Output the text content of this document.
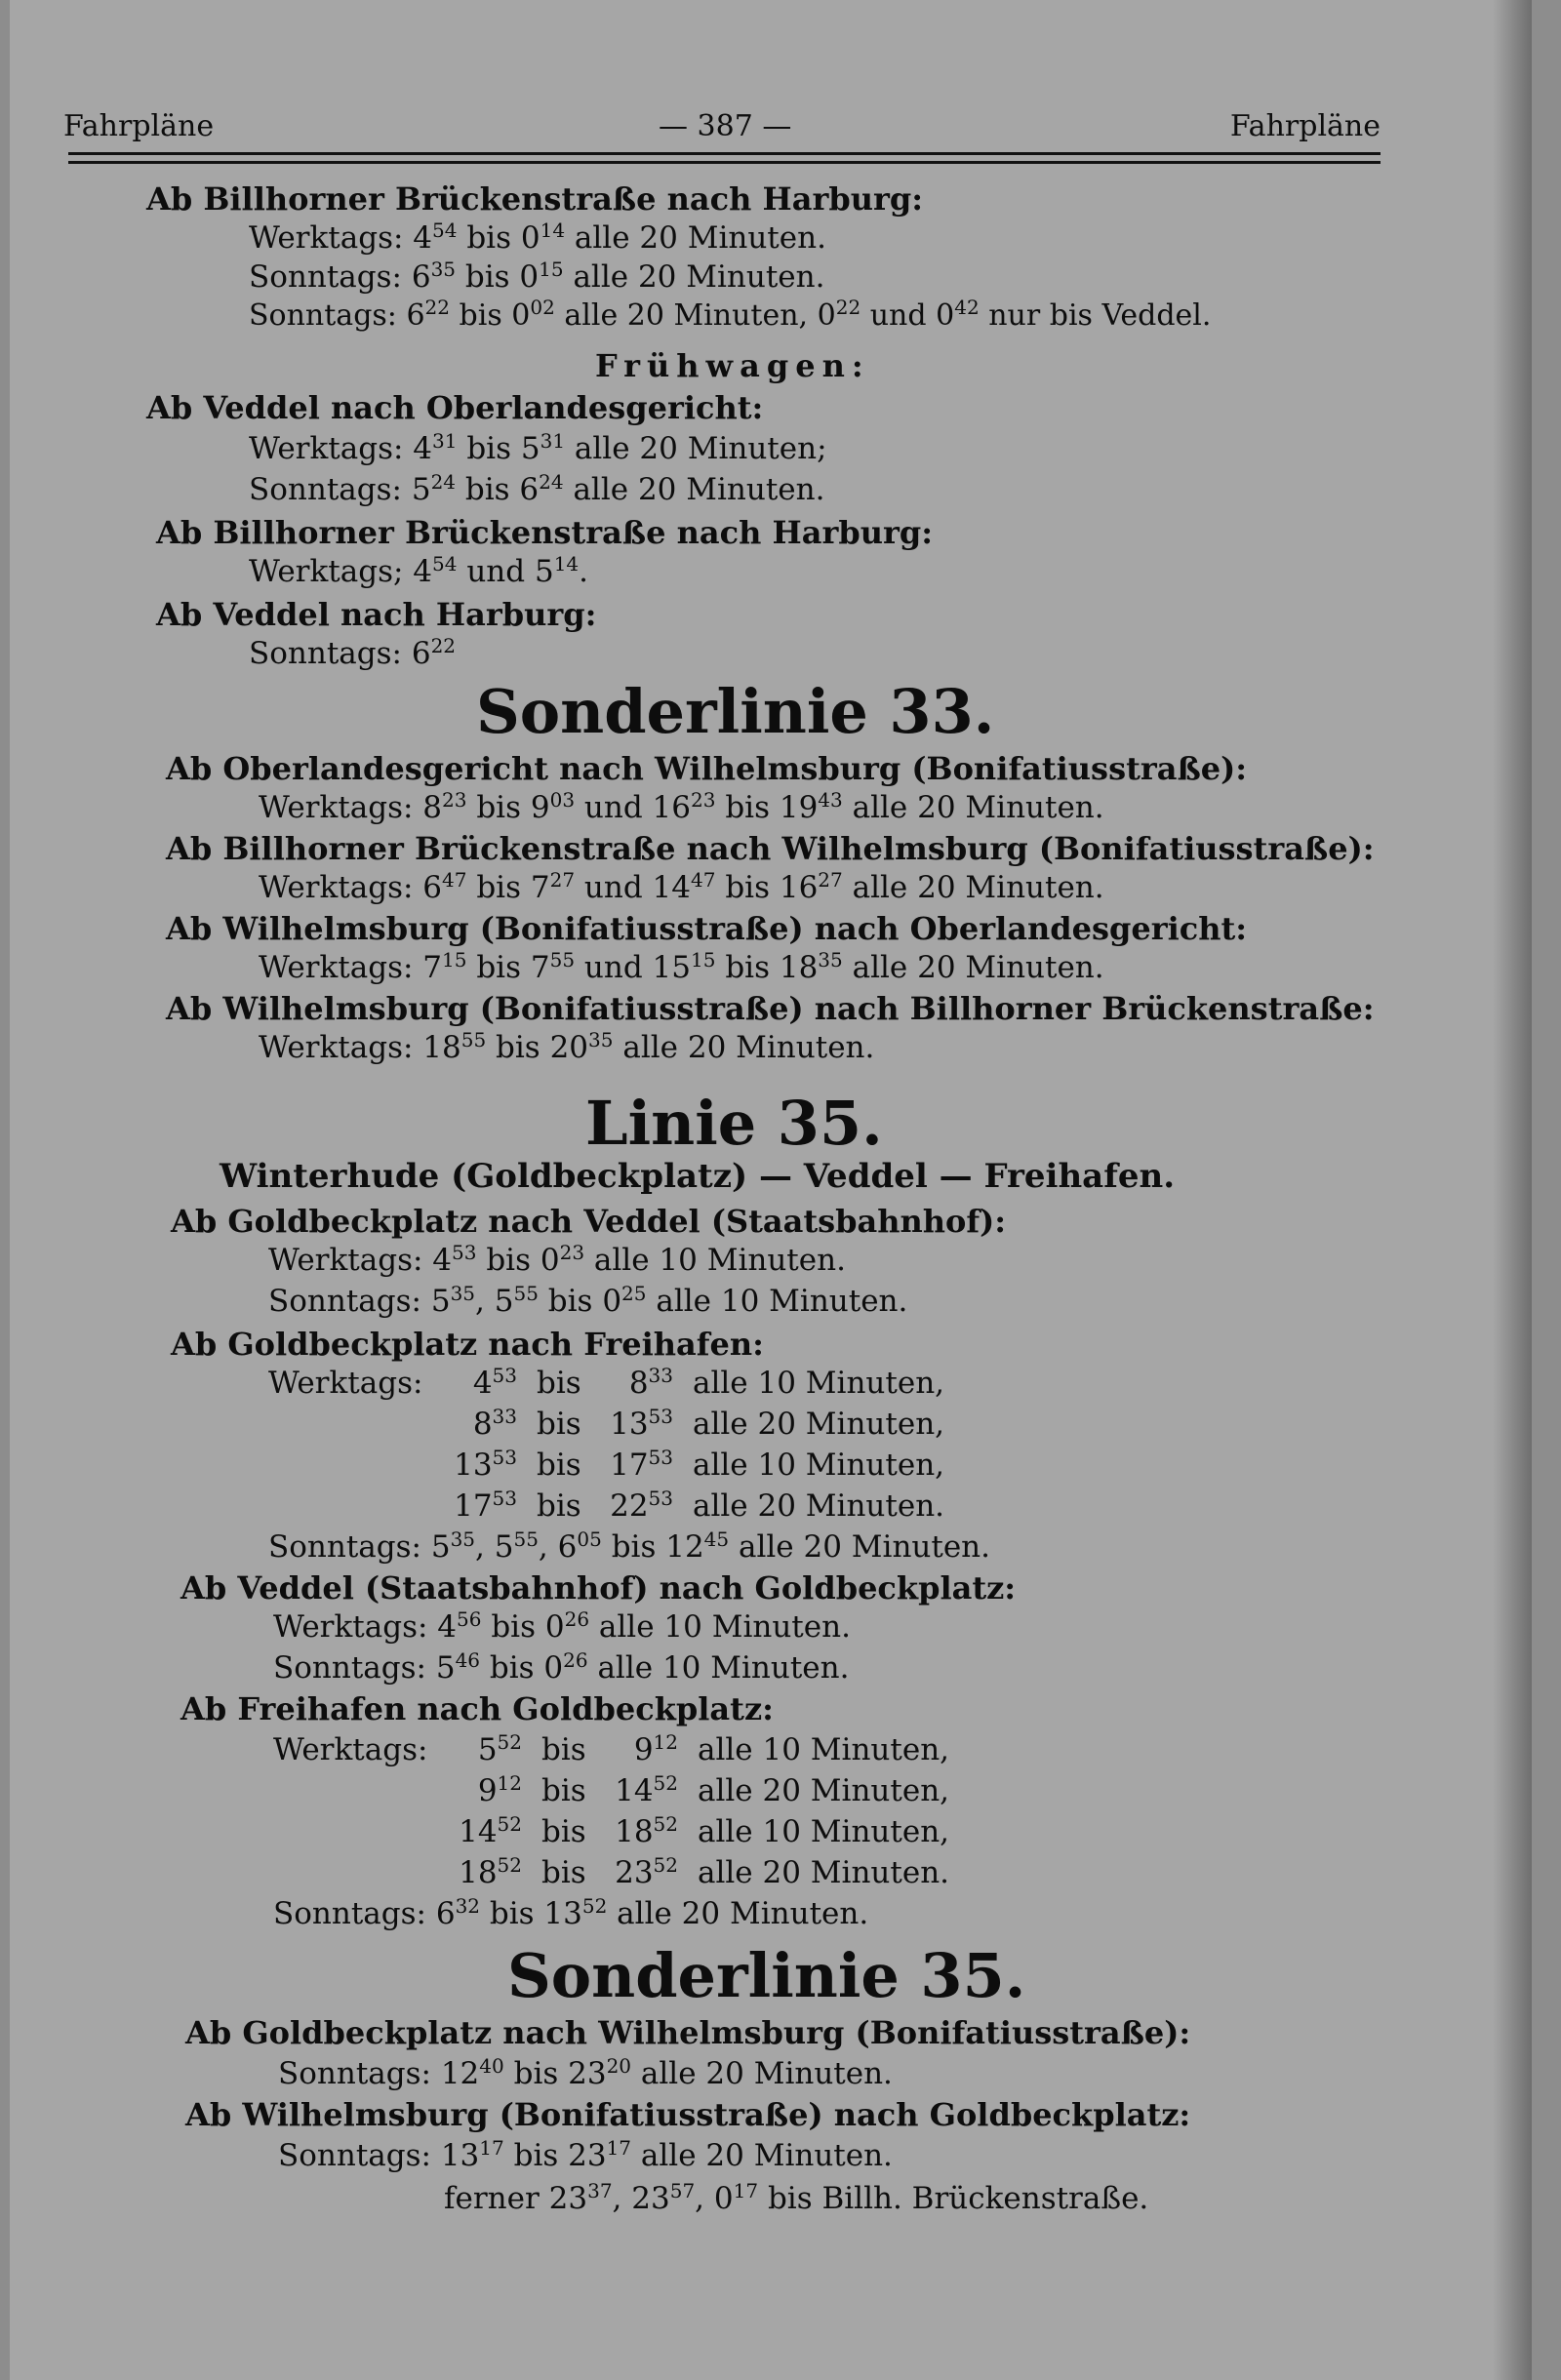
Fahrpläne	— 387 —	Fahrpläne
Ab Billhorner Brückenstraße nach Harburg:
Werktags: $4^{54}$ bis $0^{14}$ alle 20 Minuten.
Sonntags: $6^{35}$ bis $0^{15}$ alle 20 Minuten.
Sonntags: $6^{22}$ bis $0^{02}$ alle 20 Minuten, $0^{22}$ und $0^{42}$ nur bis Veddel.
Frühwagen:
Ab Veddel nach Oberlandesgericht:
Werktags: $4^{31}$ bis $5^{31}$ alle 20 Minuten;
Sonntags: $5^{24}$ bis $6^{24}$ alle 20 Minuten.
Ab Billhorner Brückenstraße nach Harburg:
Werktags; $4^{54}$ und $5^{14}$.
Ab Veddel nach Harburg:
Sonntags: $6^{22}$
Sonderlinie 33.
Ab Oberlandesgericht nach Wilhelmsburg (Bonifatiusstraße):
Werktags: $8^{23}$ bis $9^{03}$ und $16^{23}$ bis $19^{43}$ alle 20 Minuten.
Ab Billhorner Brückenstraße nach Wilhelmsburg (Bonifatiusstraße):
Werktags: $6^{47}$ bis $7^{27}$ und $14^{47}$ bis $16^{27}$ alle 20 Minuten.
Ab Wilhelmsburg (Bonifatiusstraße) nach Oberlandesgericht:
Werktags: $7^{15}$ bis $7^{55}$ und $15^{15}$ bis $18^{35}$ alle 20 Minuten.
Ab Wilhelmsburg (Bonifatiusstraße) nach Billhorner Brückenstraße:
Werktags: $18^{55}$ bis $20^{35}$ alle 20 Minuten.
Linie 35.
Winterhude (Goldbeckplatz) — Veddel — Freihafen.
Ab Goldbeckplatz nach Veddel (Staatsbahnhof):
Werktags: $4^{53}$ bis $0^{23}$ alle 10 Minuten.
Sonntags: $5^{35}$, $5^{55}$ bis $0^{25}$ alle 10 Minuten.
Ab Goldbeckplatz nach Freihafen:
Werktags:	$4^{53}$ bis	$8^{33}$ alle 10 Minuten,
$8^{33}$ bis $13^{53}$ alle 20 Minuten,
$13^{53}$ bis $17^{53}$ alle 10 Minuten,
$17^{53}$ bis $22^{53}$ alle 20 Minuten.
Sonntags: $5^{35}$, $5^{55}$, $6^{05}$ bis $12^{45}$ alle 20 Minuten.
Ab Veddel (Staatsbahnhof) nach Goldbeckplatz:
Werktags: $4^{56}$ bis $0^{26}$ alle 10 Minuten.
Sonntags: $5^{46}$ bis $0^{26}$ alle 10 Minuten.
Ab Freihafen nach Goldbeckplatz:
Werktags:	$5^{52}$ bis	$9^{12}$ alle 10 Minuten,
$9^{12}$ bis $14^{52}$ alle 20 Minuten,
$14^{52}$ bis $18^{52}$ alle 10 Minuten,
$18^{52}$ bis $23^{52}$ alle 20 Minuten.
Sonntags: $6^{32}$ bis $13^{52}$ alle 20 Minuten.
Sonderlinie 35.
Ab Goldbeckplatz nach Wilhelmsburg (Bonifatiusstraße):
Sonntags: $12^{40}$ bis $23^{20}$ alle 20 Minuten.
Ab Wilhelmsburg (Bonifatiusstraße) nach Goldbeckplatz:
Sonntags: $13^{17}$ bis $23^{17}$ alle 20 Minuten.
ferner $23^{37}$, $23^{57}$, $0^{17}$ bis Billh. Brückenstraße.
